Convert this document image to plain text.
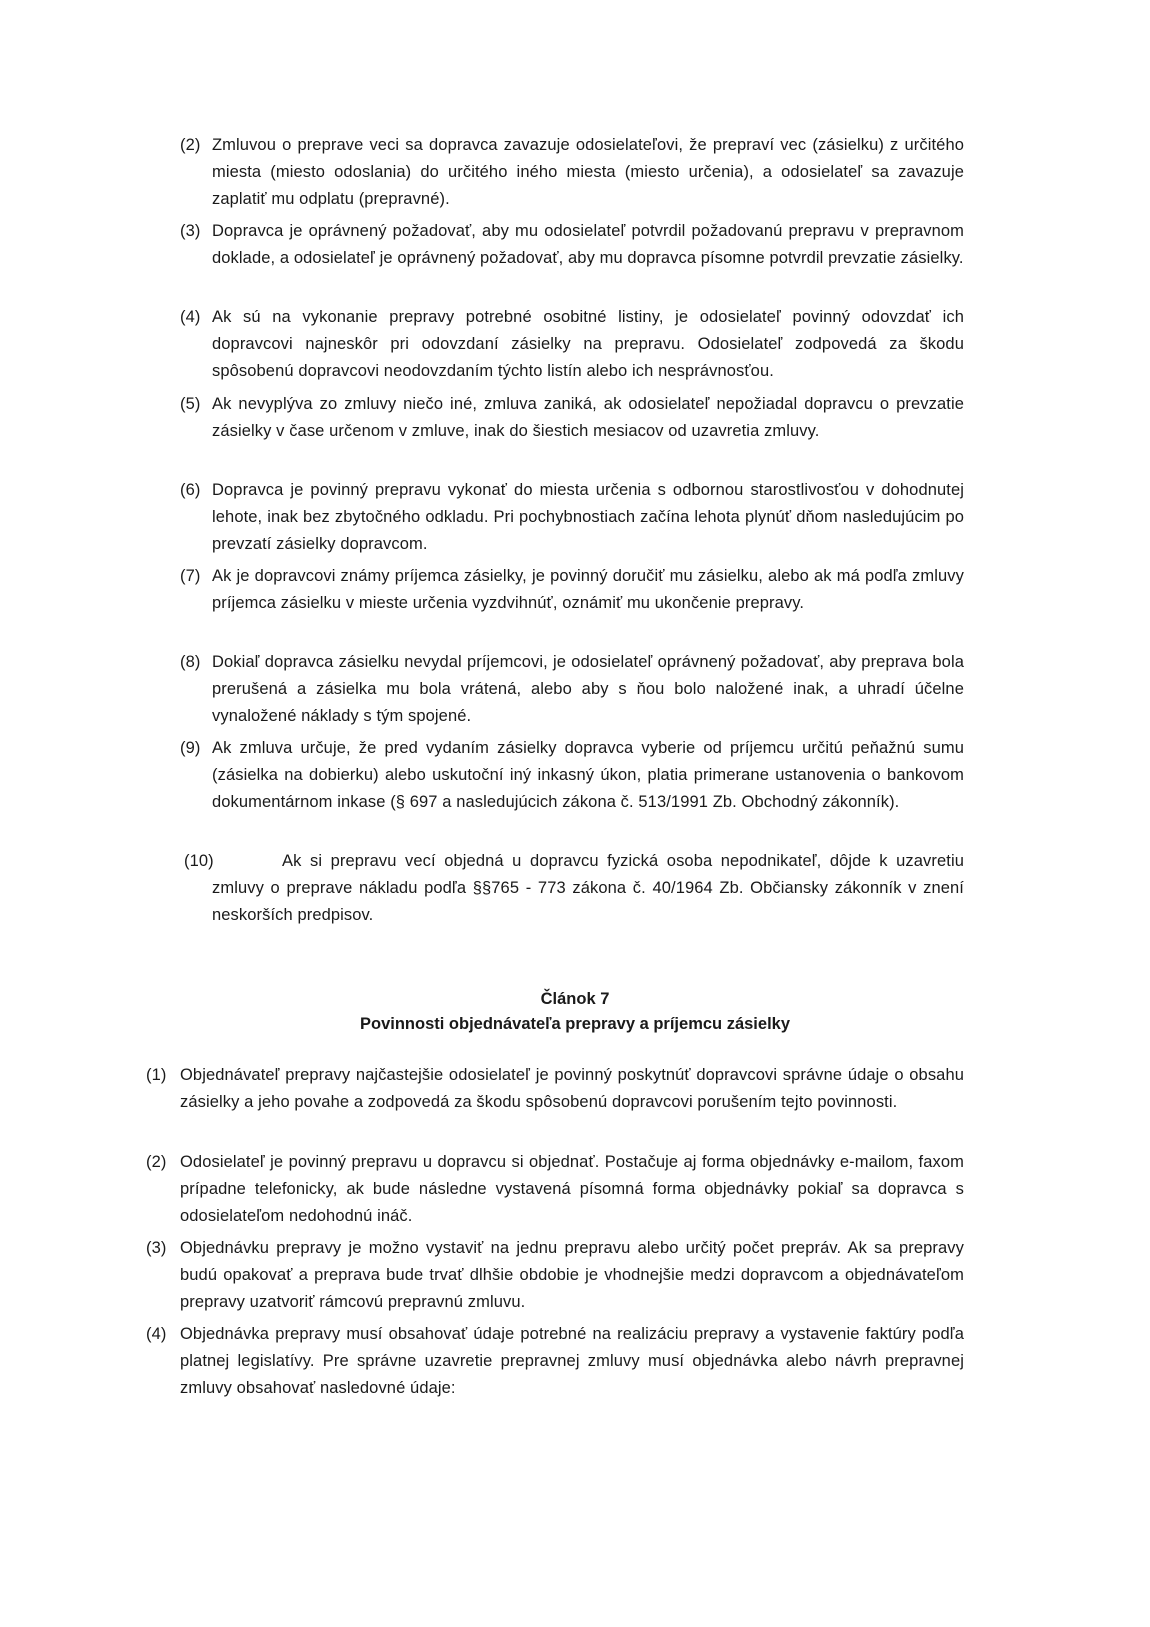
(2) Zmluvou o preprave veci sa dopravca zavazuje odosielateľovi, že prepraví vec (zásielku) z určitého miesta (miesto odoslania) do určitého iného miesta (miesto určenia), a odosielateľ sa zavazuje zaplatiť mu odplatu (prepravné).
(3) Dopravca je oprávnený požadovať, aby mu odosielateľ potvrdil požadovanú prepravu v prepravnom doklade, a odosielateľ je oprávnený požadovať, aby mu dopravca písomne potvrdil prevzatie zásielky.
(4) Ak sú na vykonanie prepravy potrebné osobitné listiny, je odosielateľ povinný odovzdať ich dopravcovi najneskôr pri odovzdaní zásielky na prepravu. Odosielateľ zodpovedá za škodu spôsobenú dopravcovi neodovzdaním týchto listín alebo ich nesprávnosťou.
(5) Ak nevyplýva zo zmluvy niečo iné, zmluva zaniká, ak odosielateľ nepožiadal dopravcu o prevzatie zásielky v čase určenom v zmluve, inak do šiestich mesiacov od uzavretia zmluvy.
(6) Dopravca je povinný prepravu vykonať do miesta určenia s odbornou starostlivosťou v dohodnutej lehote, inak bez zbytočného odkladu. Pri pochybnostiach začína lehota plynúť dňom nasledujúcim po prevzatí zásielky dopravcom.
(7) Ak je dopravcovi známy príjemca zásielky, je povinný doručiť mu zásielku, alebo ak má podľa zmluvy príjemca zásielku v mieste určenia vyzdvihnúť, oznámiť mu ukončenie prepravy.
(8) Dokiaľ dopravca zásielku nevydal príjemcovi, je odosielateľ oprávnený požadovať, aby preprava bola prerušená a zásielka mu bola vrátená, alebo aby s ňou bolo naložené inak, a uhradí účelne vynaložené náklady s tým spojené.
(9) Ak zmluva určuje, že pred vydaním zásielky dopravca vyberie od príjemcu určitú peňažnú sumu (zásielka na dobierku) alebo uskutoční iný inkasný úkon, platia primerane ustanovenia o bankovom dokumentárnom inkase (§ 697 a nasledujúcich zákona č. 513/1991 Zb. Obchodný zákonník).
(10)	Ak si prepravu vecí objedná u dopravcu fyzická osoba nepodnikateľ, dôjde k uzavretiu zmluvy o preprave nákladu podľa §§765 - 773 zákona č. 40/1964 Zb. Občiansky zákonník v znení neskorších predpisov.
Článok 7
Povinnosti objednávateľa prepravy a príjemcu zásielky
(1) Objednávateľ prepravy najčastejšie odosielateľ je povinný poskytnúť dopravcovi správne údaje o obsahu zásielky a jeho povahe a zodpovedá za škodu spôsobenú dopravcovi porušením tejto povinnosti.
(2) Odosielateľ je povinný prepravu u dopravcu si objednať. Postačuje aj forma objednávky e-mailom, faxom prípadne telefonicky, ak bude následne vystavená písomná forma objednávky pokiaľ sa dopravca s odosielateľom nedohodnú ináč.
(3) Objednávku prepravy je možno vystaviť na jednu prepravu alebo určitý počet prepráv. Ak sa prepravy budú opakovať a preprava bude trvať dlhšie obdobie je vhodnejšie medzi dopravcom a objednávateľom prepravy uzatvoriť rámcovú prepravnú zmluvu.
(4) Objednávka prepravy musí obsahovať údaje potrebné na realizáciu prepravy a vystavenie faktúry podľa platnej legislatívy. Pre správne uzavretie prepravnej zmluvy musí objednávka alebo návrh prepravnej zmluvy obsahovať nasledovné údaje:
